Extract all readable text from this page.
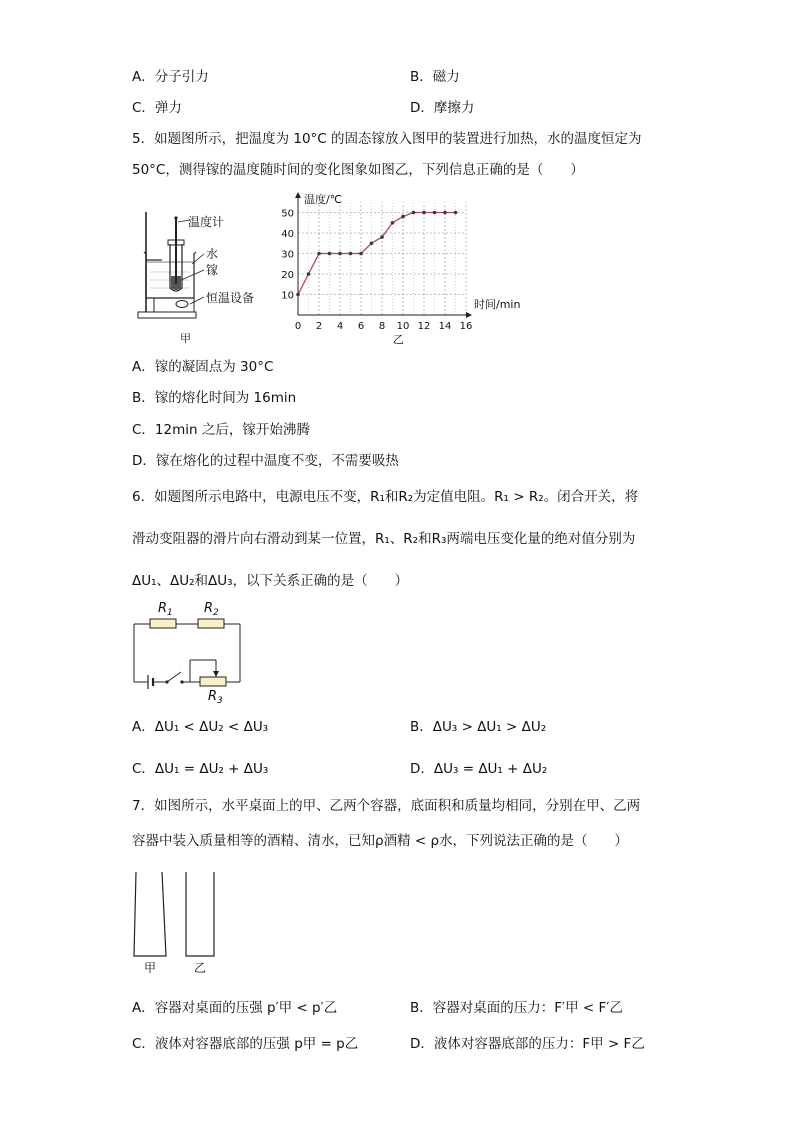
A．分子引力	B．磁力
C．弹力	D．摩擦力
5．如题图所示，把温度为 10°C 的固态镓放入图甲的装置进行加热，水的温度恒定为
50°C，测得镓的温度随时间的变化图象如图乙，下列信息正确的是（　　）
温度计
水
镓
恒温设备
甲
0 2 4 6 8 10 12 14 16
10
20
30
40
50
温度/℃
时间/min
乙
A．镓的凝固点为 30°C
B．镓的熔化时间为 16min
C．12min 之后，镓开始沸腾
D．镓在熔化的过程中温度不变，不需要吸热
6．如题图所示电路中，电源电压不变，R₁和R₂为定值电阻。R₁ > R₂。闭合开关，将
滑动变阻器的滑片向右滑动到某一位置，R₁、R₂和R₃两端电压变化量的绝对值分别为
ΔU₁、ΔU₂和ΔU₃，以下关系正确的是（　　）
$R_1$ $R_2$
$R_3$
A．ΔU₁ < ΔU₂ < ΔU₃	B．ΔU₃ > ΔU₁ > ΔU₂
C．ΔU₁ = ΔU₂ + ΔU₃	D．ΔU₃ = ΔU₁ + ΔU₂
7．如图所示，水平桌面上的甲、乙两个容器，底面积和质量均相同，分别在甲、乙两
容器中装入质量相等的酒精、清水，已知ρ酒精 < ρ水，下列说法正确的是（　　）
甲	乙
A．容器对桌面的压强 p′甲 < p′乙	B．容器对桌面的压力：F′甲 < F′乙
C．液体对容器底部的压强 p甲 = p乙	D．液体对容器底部的压力：F甲 > F乙
